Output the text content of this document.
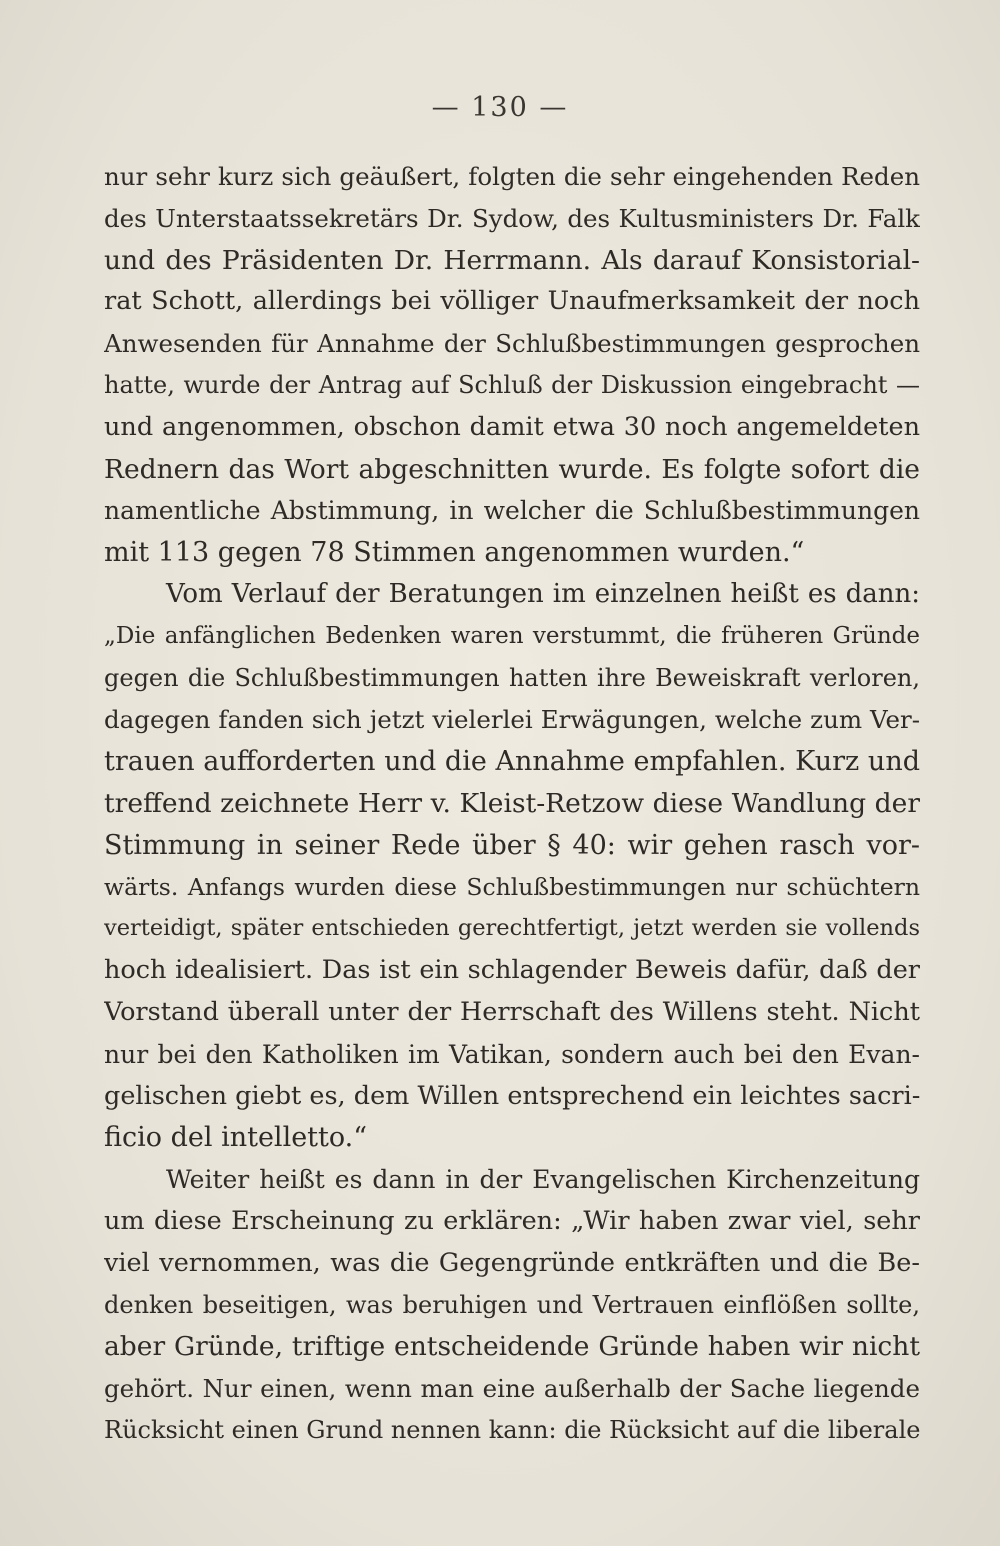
— 130 —
nur sehr kurz sich geäußert, folgten die sehr eingehenden Reden
des Unterstaatssekretärs Dr. Sydow, des Kultusministers Dr. Falk
und des Präsidenten Dr. Herrmann. Als darauf Konsistorial-
rat Schott, allerdings bei völliger Unaufmerksamkeit der noch
Anwesenden für Annahme der Schlußbestimmungen gesprochen
hatte, wurde der Antrag auf Schluß der Diskussion eingebracht —
und angenommen, obschon damit etwa 30 noch angemeldeten
Rednern das Wort abgeschnitten wurde. Es folgte sofort die
namentliche Abstimmung, in welcher die Schlußbestimmungen
mit 113 gegen 78 Stimmen angenommen wurden.“
Vom Verlauf der Beratungen im einzelnen heißt es dann:
„Die anfänglichen Bedenken waren verstummt, die früheren Gründe
gegen die Schlußbestimmungen hatten ihre Beweiskraft verloren,
dagegen fanden sich jetzt vielerlei Erwägungen, welche zum Ver-
trauen aufforderten und die Annahme empfahlen. Kurz und
treffend zeichnete Herr v. Kleist-Retzow diese Wandlung der
Stimmung in seiner Rede über § 40: wir gehen rasch vor-
wärts. Anfangs wurden diese Schlußbestimmungen nur schüchtern
verteidigt, später entschieden gerechtfertigt, jetzt werden sie vollends
hoch idealisiert. Das ist ein schlagender Beweis dafür, daß der
Vorstand überall unter der Herrschaft des Willens steht. Nicht
nur bei den Katholiken im Vatikan, sondern auch bei den Evan-
gelischen giebt es, dem Willen entsprechend ein leichtes sacri-
ficio del intelletto.“
Weiter heißt es dann in der Evangelischen Kirchenzeitung
um diese Erscheinung zu erklären: „Wir haben zwar viel, sehr
viel vernommen, was die Gegengründe entkräften und die Be-
denken beseitigen, was beruhigen und Vertrauen einflößen sollte,
aber Gründe, triftige entscheidende Gründe haben wir nicht
gehört. Nur einen, wenn man eine außerhalb der Sache liegende
Rücksicht einen Grund nennen kann: die Rücksicht auf die liberale
